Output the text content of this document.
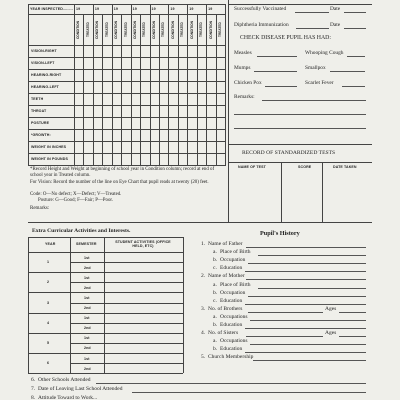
YEAR INSPECTED......... 19
CONDITION	TREATED
19
CONDITION	TREATED
19
CONDITION	TREATED
19
CONDITION	TREATED
19
CONDITION	TREATED
19
CONDITION	TREATED
19
CONDITION	TREATED
19
CONDITION	TREATED
VISION-RIGHT
VISION-LEFT
HEARING-RIGHT
HEARING-LEFT
TEETH
THROAT
POSTURE
*GROWTH:
WEIGHT IN INCHES
WEIGHT IN POUNDS
*Record Height and Weight at beginning of school year in Condition column; record at end of school year in Treated column.
For Vision: Record the number of the line on Eye Chart that pupil reads at twenty (20) feet.
Code: O—No defect; X—Defect; V—Treated.
Posture: G—Good; F—Fair; P—Poor.
Remarks:
Successfully Vaccinated	Date
Diphtheria Immunization	Date
CHECK DISEASE PUPIL HAS HAD:
Measles	Whooping Cough
Mumps	Smallpox
Chicken Pox	Scarlet Fever
Remarks:
RECORD OF STANDARDIZED TESTS
NAME OF TEST	SCORE	DATE TAKEN
Extra Curricular Activities and Interests.
YEAR	SEMESTER	STUDENT ACTIVITIES (OFFICE HELD, ETC)
1
1st
2nd
2
1st
2nd
3
1st
2nd
4
1st
2nd
5
1st
2nd
6
1st
2nd
Pupil's History
1. Name of Father
a. Place of Birth
b. Occupation
c. Education
2. Name of Mother
a. Place of Birth
b. Occupation
c. Education
3. No. of Brothers	Ages
a. Occupations
b. Education
4. No. of Sisters	Ages
a. Occupations
b. Education
5. Church Membership
6. Other Schools Attended
7. Date of Leaving Last School Attended
8. Attitude Toward to Work...
